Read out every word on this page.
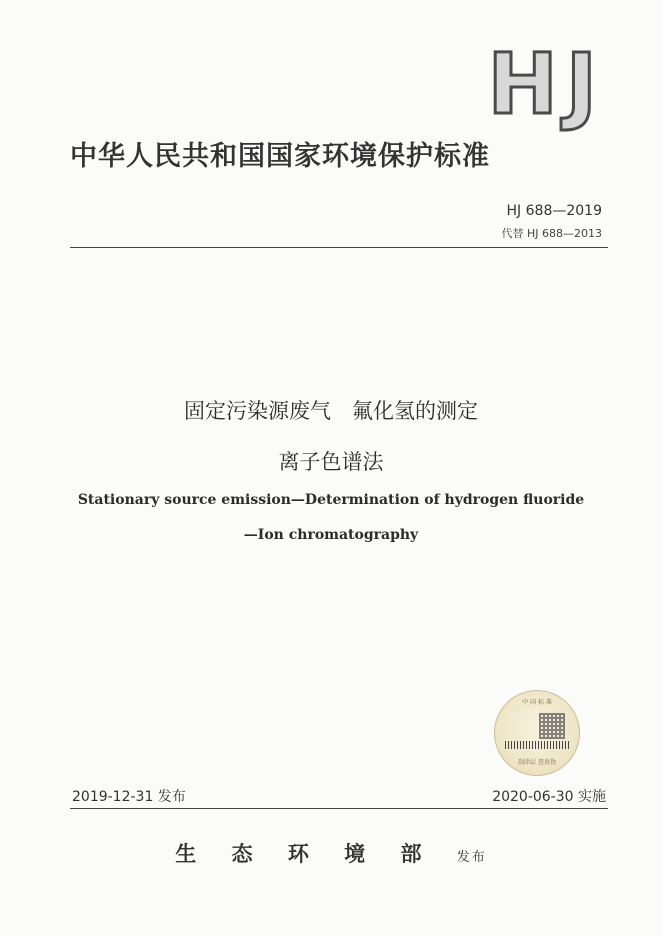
HJ
中华人民共和国国家环境保护标准
HJ 688—2019
代替 HJ 688—2013
固定污染源废气　氟化氢的测定
离子色谱法
Stationary source emission—Determination of hydrogen fluoride
—Ion chromatography
中 国 标 准
刮涂层 查真伪
2019-12-31 发布	2020-06-30 实施
生 态 环 境 部 发布
